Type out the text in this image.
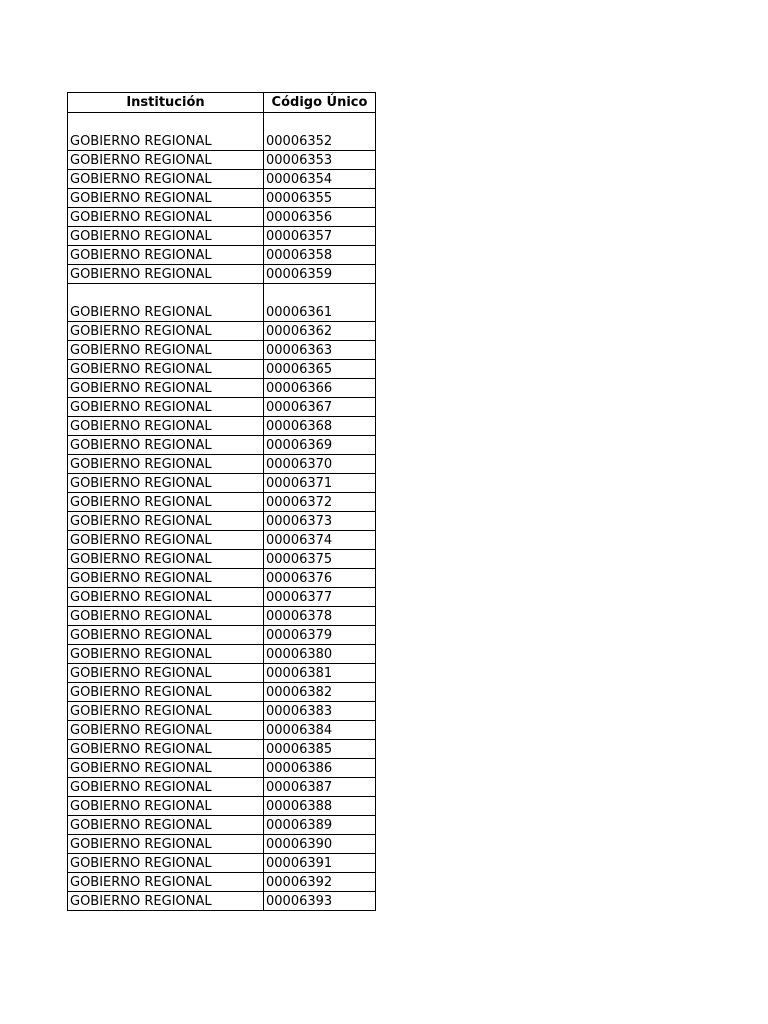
Institución	Código Único
GOBIERNO REGIONAL	00006352
GOBIERNO REGIONAL	00006353
GOBIERNO REGIONAL	00006354
GOBIERNO REGIONAL	00006355
GOBIERNO REGIONAL	00006356
GOBIERNO REGIONAL	00006357
GOBIERNO REGIONAL	00006358
GOBIERNO REGIONAL	00006359
GOBIERNO REGIONAL	00006361
GOBIERNO REGIONAL	00006362
GOBIERNO REGIONAL	00006363
GOBIERNO REGIONAL	00006365
GOBIERNO REGIONAL	00006366
GOBIERNO REGIONAL	00006367
GOBIERNO REGIONAL	00006368
GOBIERNO REGIONAL	00006369
GOBIERNO REGIONAL	00006370
GOBIERNO REGIONAL	00006371
GOBIERNO REGIONAL	00006372
GOBIERNO REGIONAL	00006373
GOBIERNO REGIONAL	00006374
GOBIERNO REGIONAL	00006375
GOBIERNO REGIONAL	00006376
GOBIERNO REGIONAL	00006377
GOBIERNO REGIONAL	00006378
GOBIERNO REGIONAL	00006379
GOBIERNO REGIONAL	00006380
GOBIERNO REGIONAL	00006381
GOBIERNO REGIONAL	00006382
GOBIERNO REGIONAL	00006383
GOBIERNO REGIONAL	00006384
GOBIERNO REGIONAL	00006385
GOBIERNO REGIONAL	00006386
GOBIERNO REGIONAL	00006387
GOBIERNO REGIONAL	00006388
GOBIERNO REGIONAL	00006389
GOBIERNO REGIONAL	00006390
GOBIERNO REGIONAL	00006391
GOBIERNO REGIONAL	00006392
GOBIERNO REGIONAL	00006393
